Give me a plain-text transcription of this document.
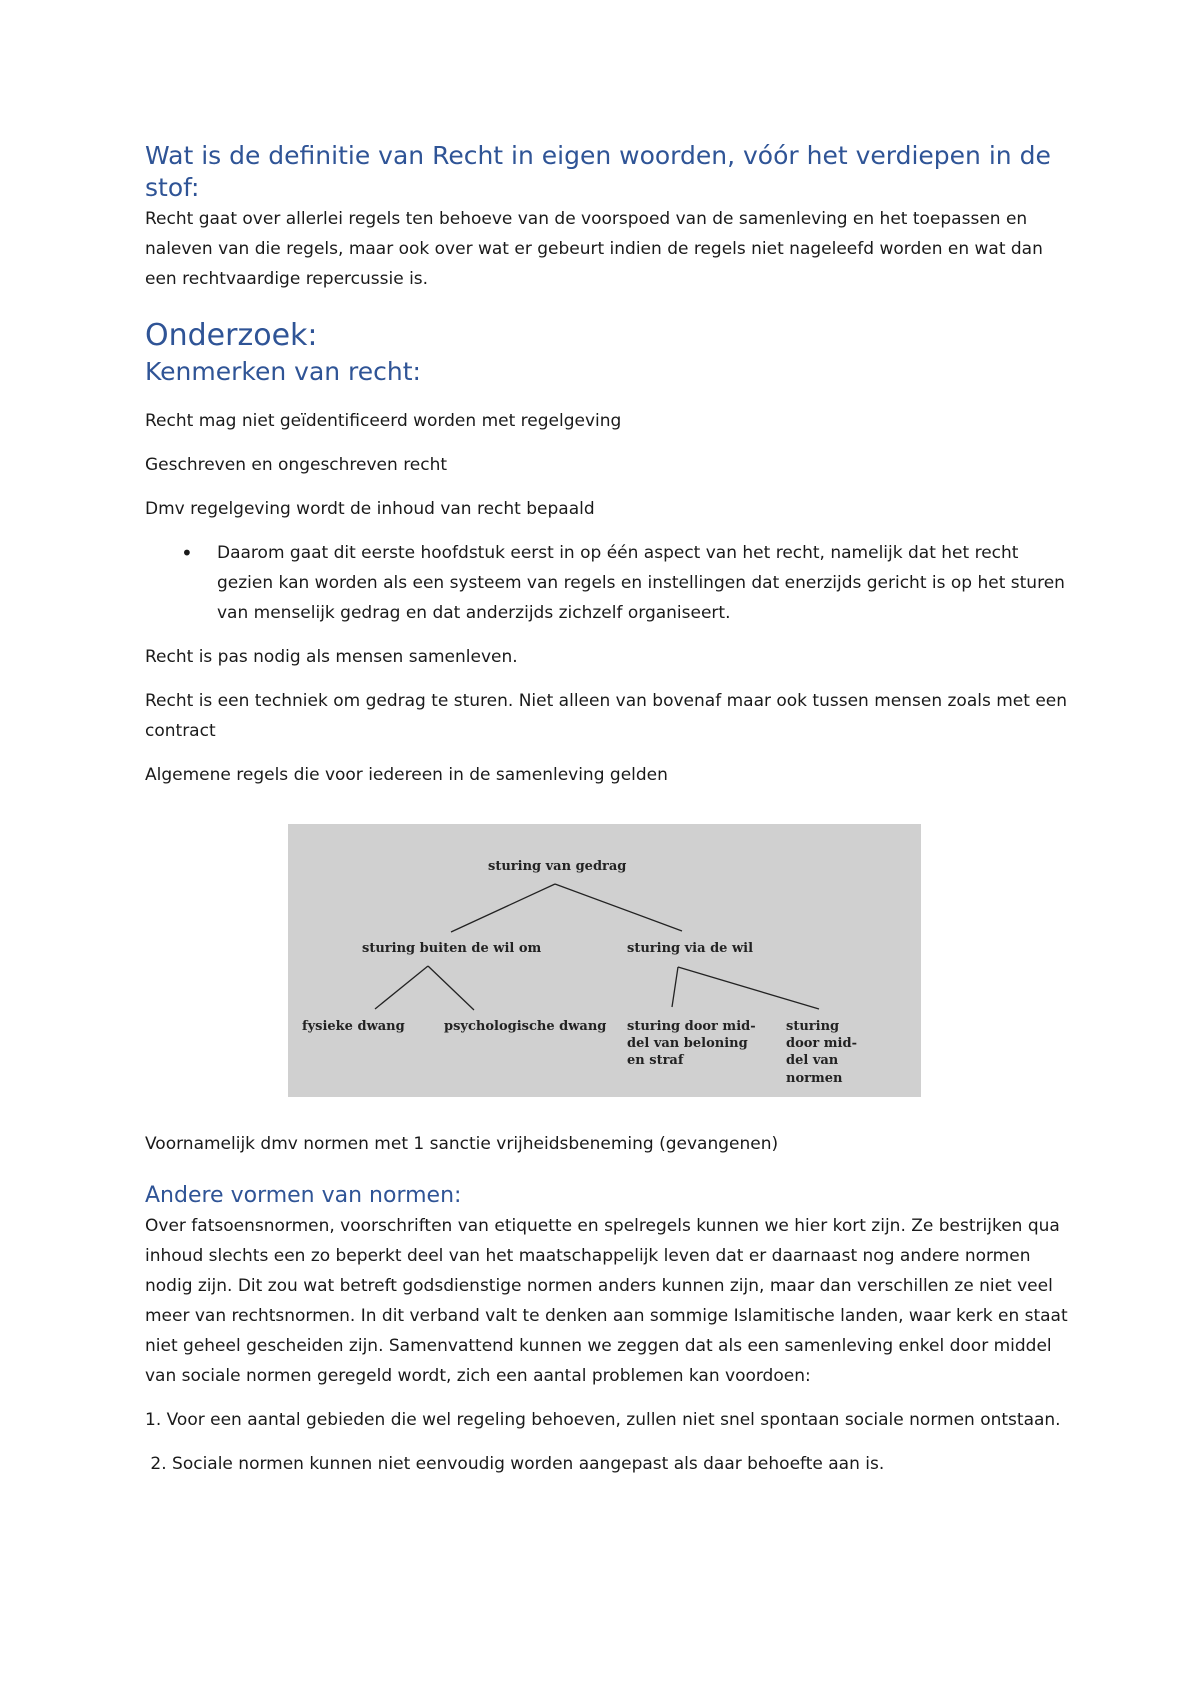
Wat is de definitie van Recht in eigen woorden, vóór het verdiepen in de stof:

Recht gaat over allerlei regels ten behoeve van de voorspoed van de samenleving en het toepassen en naleven van die regels, maar ook over wat er gebeurt indien de regels niet nageleefd worden en wat dan een rechtvaardige repercussie is.

Onderzoek:
Kenmerken van recht:

Recht mag niet geïdentificeerd worden met regelgeving

Geschreven en ongeschreven recht

Dmv regelgeving wordt de inhoud van recht bepaald

• Daarom gaat dit eerste hoofdstuk eerst in op één aspect van het recht, namelijk dat het recht gezien kan worden als een systeem van regels en instellingen dat enerzijds gericht is op het sturen van menselijk gedrag en dat anderzijds zichzelf organiseert.

Recht is pas nodig als mensen samenleven.

Recht is een techniek om gedrag te sturen. Niet alleen van bovenaf maar ook tussen mensen zoals met een contract

Algemene regels die voor iedereen in de samenleving gelden

sturing van gedrag
sturing buiten de wil om	sturing via de wil
fysieke dwang	psychologische dwang sturing door mid-
del van beloning
en straf
sturing
door mid-
del van
normen

Voornamelijk dmv normen met 1 sanctie vrijheidsbeneming (gevangenen)

Andere vormen van normen:

Over fatsoensnormen, voorschriften van etiquette en spelregels kunnen we hier kort zijn. Ze bestrijken qua inhoud slechts een zo beperkt deel van het maatschappelijk leven dat er daarnaast nog andere normen nodig zijn. Dit zou wat betreft godsdienstige normen anders kunnen zijn, maar dan verschillen ze niet veel meer van rechtsnormen. In dit verband valt te denken aan sommige Islamitische landen, waar kerk en staat niet geheel gescheiden zijn. Samenvattend kunnen we zeggen dat als een samenleving enkel door middel van sociale normen geregeld wordt, zich een aantal problemen kan voordoen:

1. Voor een aantal gebieden die wel regeling behoeven, zullen niet snel spontaan sociale normen ontstaan.

2. Sociale normen kunnen niet eenvoudig worden aangepast als daar behoefte aan is.
